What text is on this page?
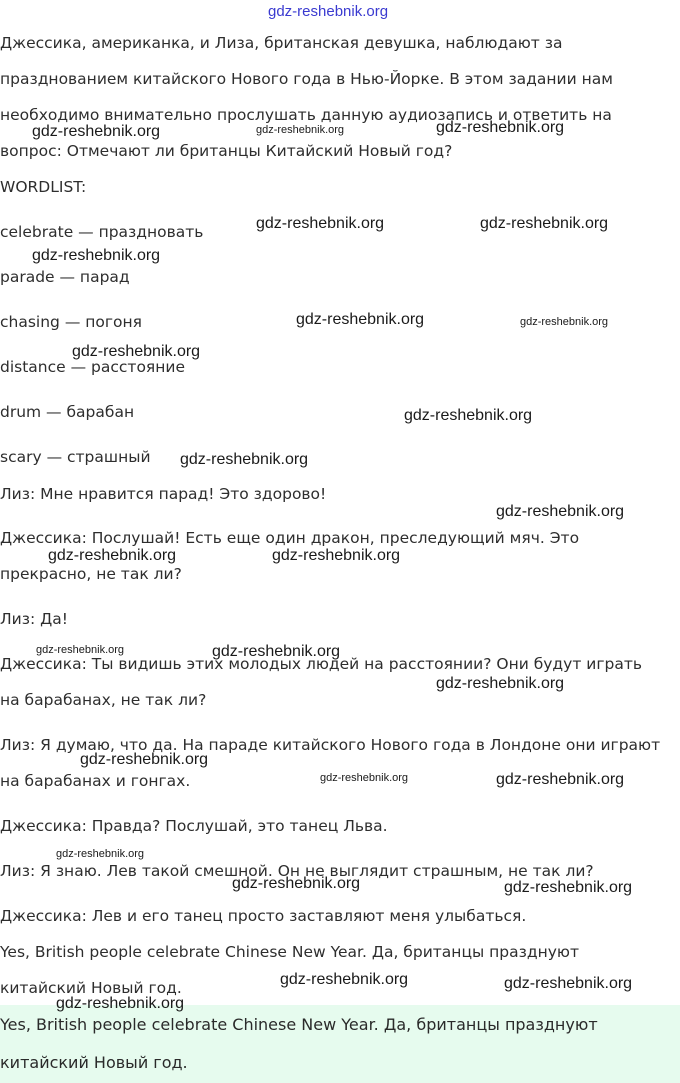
Джессика, американка, и Лиза, британская девушка, наблюдают за
празднованием китайского Нового года в Нью-Йорке. В этом задании нам
необходимо внимательно прослушать данную аудиозапись и ответить на
вопрос: Отмечают ли британцы Китайский Новый год?
WORDLIST:
celebrate — праздновать
parade — парад
chasing — погоня
distance — расстояние
drum — барабан
scary — страшный
Лиз: Мне нравится парад! Это здорово!
Джессика: Послушай! Есть еще один дракон, преследующий мяч. Это
прекрасно, не так ли?
Лиз: Да!
Джессика: Ты видишь этих молодых людей на расстоянии? Они будут играть
на барабанах, не так ли?
Лиз: Я думаю, что да. На параде китайского Нового года в Лондоне они играют
на барабанах и гонгах.
Джессика: Правда? Послушай, это танец Льва.
Лиз: Я знаю. Лев такой смешной. Он не выглядит страшным, не так ли?
Джессика: Лев и его танец просто заставляют меня улыбаться.
Yes, British people celebrate Chinese New Year. Да, британцы празднуют
китайский Новый год.
Yes, British people celebrate Chinese New Year. Да, британцы празднуют
китайский Новый год.
gdz-reshebnik.org
gdz-reshebnik.org	gdz-reshebnik.org	gdz-reshebnik.org
gdz-reshebnik.org	gdz-reshebnik.org
gdz-reshebnik.org
gdz-reshebnik.org	gdz-reshebnik.org
gdz-reshebnik.org
gdz-reshebnik.org
gdz-reshebnik.org
gdz-reshebnik.org
gdz-reshebnik.org	gdz-reshebnik.org
gdz-reshebnik.org	gdz-reshebnik.org
gdz-reshebnik.org
gdz-reshebnik.org
gdz-reshebnik.org	gdz-reshebnik.org
gdz-reshebnik.org
gdz-reshebnik.org	gdz-reshebnik.org
gdz-reshebnik.org	gdz-reshebnik.org
gdz-reshebnik.org
